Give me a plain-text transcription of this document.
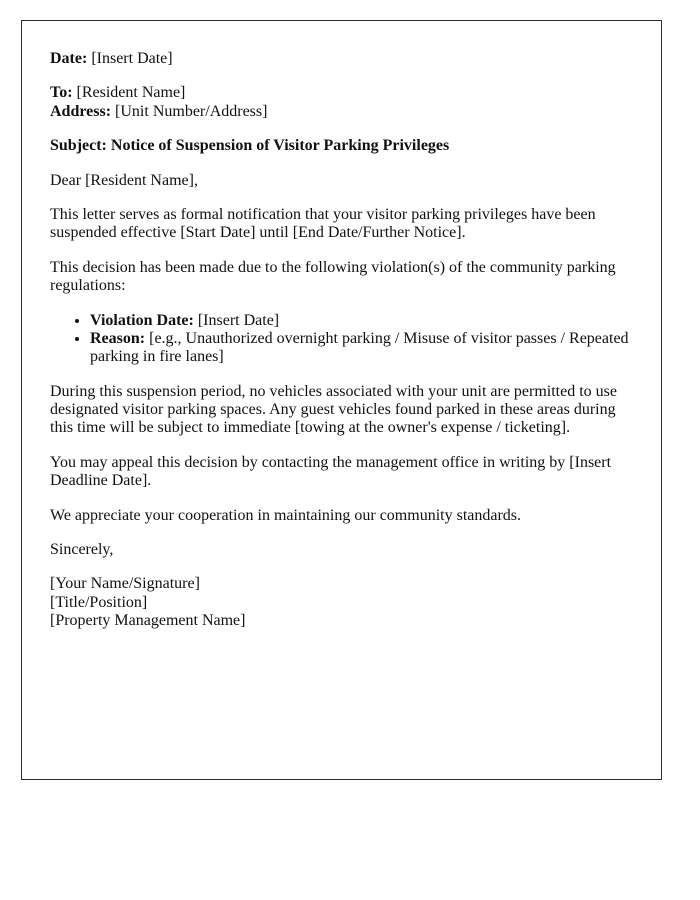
Date: [Insert Date]
To: [Resident Name]
Address: [Unit Number/Address]
Subject: Notice of Suspension of Visitor Parking Privileges
Dear [Resident Name],
This letter serves as formal notification that your visitor parking privileges have been suspended effective [Start Date] until [End Date/Further Notice].
This decision has been made due to the following violation(s) of the community parking regulations:
• Violation Date: [Insert Date]
• Reason: [e.g., Unauthorized overnight parking / Misuse of visitor passes / Repeated parking in fire lanes]
During this suspension period, no vehicles associated with your unit are permitted to use designated visitor parking spaces. Any guest vehicles found parked in these areas during this time will be subject to immediate [towing at the owner's expense / ticketing].
You may appeal this decision by contacting the management office in writing by [Insert Deadline Date].
We appreciate your cooperation in maintaining our community standards.
Sincerely,
[Your Name/Signature]
[Title/Position]
[Property Management Name]
